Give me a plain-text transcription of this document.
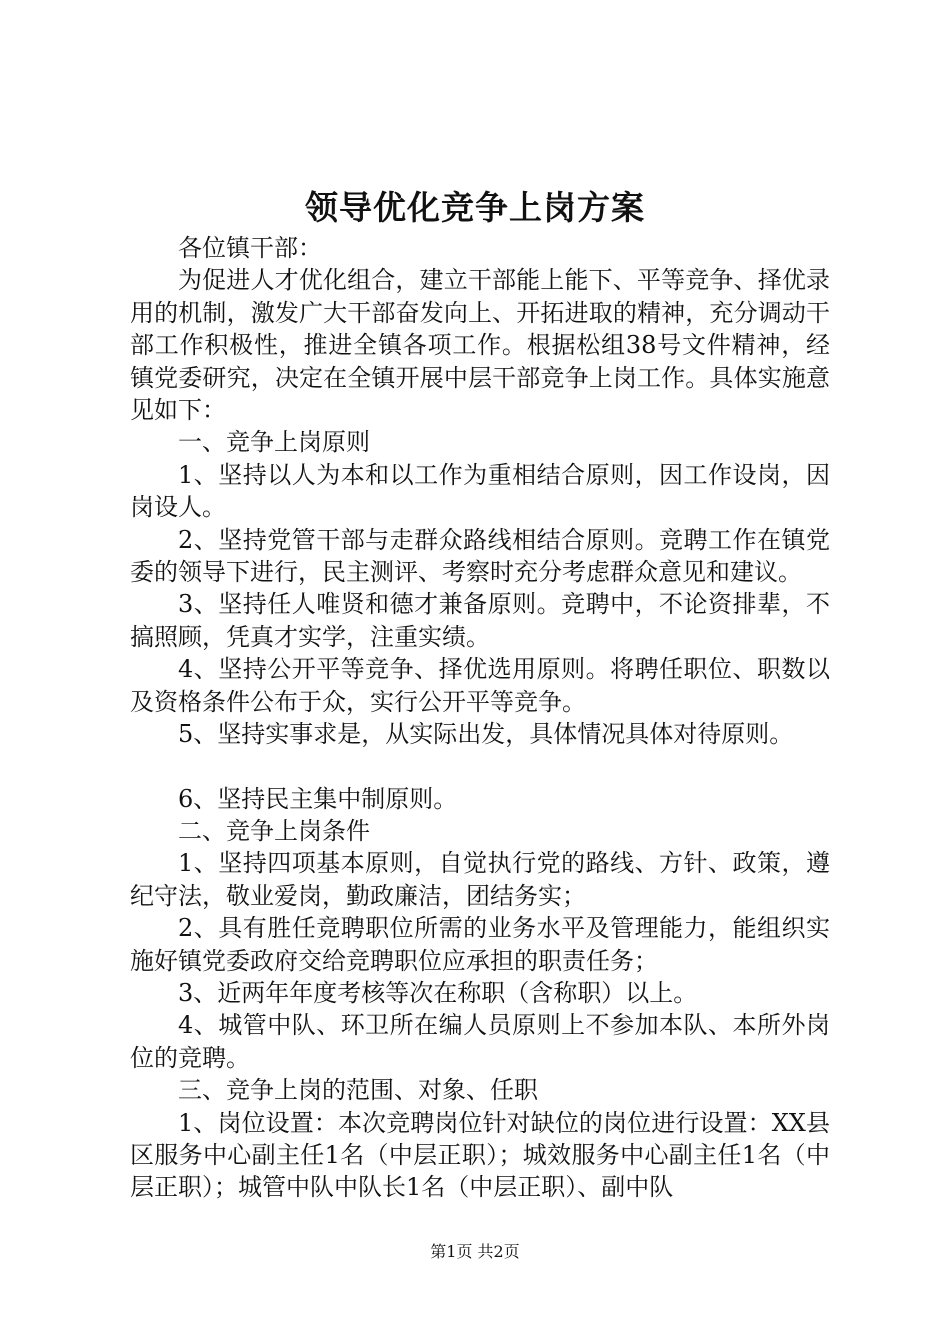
领导优化竞争上岗方案

各位镇干部：

为促进人才优化组合，建立干部能上能下、平等竞争、择优录用的机制，激发广大干部奋发向上、开拓进取的精神，充分调动干部工作积极性，推进全镇各项工作。根据松组38号文件精神，经镇党委研究，决定在全镇开展中层干部竞争上岗工作。具体实施意见如下：

一、竞争上岗原则

1、坚持以人为本和以工作为重相结合原则，因工作设岗，因岗设人。

2、坚持党管干部与走群众路线相结合原则。竞聘工作在镇党委的领导下进行，民主测评、考察时充分考虑群众意见和建议。

3、坚持任人唯贤和德才兼备原则。竞聘中，不论资排辈，不搞照顾，凭真才实学，注重实绩。

4、坚持公开平等竞争、择优选用原则。将聘任职位、职数以及资格条件公布于众，实行公开平等竞争。

5、坚持实事求是，从实际出发，具体情况具体对待原则。

6、坚持民主集中制原则。

二、竞争上岗条件

1、坚持四项基本原则，自觉执行党的路线、方针、政策，遵纪守法，敬业爱岗，勤政廉洁，团结务实；

2、具有胜任竞聘职位所需的业务水平及管理能力，能组织实施好镇党委政府交给竞聘职位应承担的职责任务；

3、近两年年度考核等次在称职（含称职）以上。

4、城管中队、环卫所在编人员原则上不参加本队、本所外岗位的竞聘。

三、竞争上岗的范围、对象、任职

1、岗位设置：本次竞聘岗位针对缺位的岗位进行设置：XX县区服务中心副主任1名（中层正职）；城效服务中心副主任1名（中层正职）；城管中队中队长1名（中层正职）、副中队

第1页 共2页
